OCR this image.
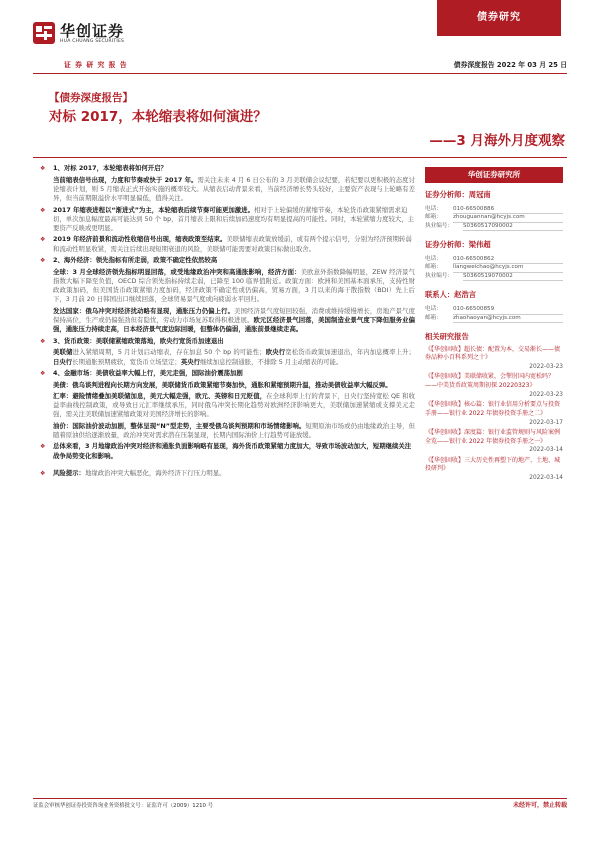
华创证券
HUA CHUANG SECURITIES
债券研究
证 券 研 究 报 告	债券深度报告 2022 年 03 月 25 日
【债券深度报告】
对标 2017，本轮缩表将如何演进？
——3 月海外月度观察
❖	1、对标 2017，本轮缩表将如何开启？
当前缩表信号出现，力度和节奏或快于 2017 年。需关注未来 4 月 6 日公布的 3 月美联储会议纪要，若纪要以更积极的态度讨论缩表计划，则 5 月缩表正式开始实施的概率较大。从缩表启动背景来看，当前经济增长势头较好，主要资产表现与上轮略有差异，但当前期限溢价水平明显偏低，值得关注。
❖	2017 年缩表进程以“渐进式”为主，本轮缩表后续节奏可能更加激进。相对于上轮偏缓的紧缩节奏，本轮货币政策紧缩需求迫切，单次加息幅度最高可能达到 50 个 bp，首月缩表上限和后续加码速度均有明显提高的可能性。同时，本轮紧缩力度较大，主要资产反映或更明显。
❖	2019 年经济前景和流动性收缩信号出现，缩表政策至结束。美联储缩表政策放缓前，或有两个提示信号，分别为经济预期转弱和流动性明显收紧，需关注后续出现短期衰退的风险，美联储可能需要对政策目标做出取舍。
❖	2、海外经济：领先指标有所走弱，政策不确定性依然较高
全球：3 月全球经济领先指标明显回落，或受地缘政治冲突和高通胀影响，经济方面：美欧意外指数降幅明显，ZEW 经济景气指数大幅下降至负值，OECD 综合领先指标持续走弱，已降至 100 临界值附近。政策方面：欧洲和美国基本面承压，支持性财政政策加码，但美国货币政策紧缩力度加码，经济政策不确定性或仍偏高，贸易方面，3 月以来的海干散指数（BDI）先上后下，3 月前 20 日韩国出口继续回落，全球贸易景气度或向疲弱水平回归。
发达国家：俄乌冲突对经济扰动略有显现，通胀压力仍偏上行。美国经济景气度短回较强，消费或维持缓慢增长，房地产景气度保持高位，生产或仍偏强劲但有隐忧，劳动力市场复苏取得积极进展。欧元区经济景气回落，美国制造业景气度下降但服务业偏强，通胀压力持续走高，日本经济景气度边际回暖，但整体仍偏弱，通胀前景继续走高。
❖	3、货币政策：美联储紧缩政策落地，欧央行宽货币加速退出
美联储进入紧缩周期，5 月计划启动缩表，存在加息 50 个 bp 的可能性；欧央行宽松货币政策加速退出，年内加息概率上升；日央行长期通胀预期疲软，宽货币立场坚定；英央行继续加息控制通胀，不排除 5 月主动缩表的可能。
❖	4、金融市场：美债收益率大幅上行，美元走强，国际油价震荡加剧
美债：俄乌谈判进程向长期方向发展，美联储货币政策紧缩节奏加快，通胀和紧缩预期升温，推动美债收益率大幅反弹。
汇率：避险情绪叠加美联储加息，美元大幅走强，欧元、英镑和日元贬值，在全球利率上行的背景下，日央行坚持宽松 QE 和收益率曲线控制政策，或导致日元汇率继续承压，同时俄乌冲突长期化趋势对欧洲经济影响更大，美联储加速紧缩或支撑美元走强，需关注美联储加速紧缩政策对美国经济增长的影响。
油价：国际油价波动加剧，整体呈现“N”型走势，主要受俄乌谈判预期和市场情绪影响。短期原油市场或仍由地缘政治主导，但随着原油供给逐渐放量，政治冲突对需求潜在压制显现，长期内国际油价上行趋势可能放缓。
❖	总体来看，3 月地缘政治冲突对经济和通胀负面影响略有显现，海外货币政策紧缩力度加大，导致市场波动加大，短期继续关注战争局势变化和影响。
❖	风险提示：地缘政治冲突大幅恶化，海外经济下行压力明显。
华创证券研究所
证券分析师：周冠南
电话：	010-66500886
邮箱：	zhouguannan@hcyjs.com
执业编号：	S0360517090002
证券分析师：梁伟超
电话：	010-66500862
邮箱：	liangweichao@hcyjs.com
执业编号：	S0360519070002
联系人：赵浩言
电话：	010-66500859
邮箱：	zhaohaoyan@hcyjs.com
相关研究报告
《【华创固收】超长债：配置为本，交易渐长——债券品种小百科系列之十》
2022-03-23
《【华创固收】美联储收紧，会掣肘国内宽松吗？——中美货币政策周期初探 20220323》
2022-03-23
《【华创固收】核心篇：银行业信用分析要点与投资手册——银行业 2022 年债券投资手册之二》
2022-03-17
《【华创固收】深度篇：银行业监管规则与风险案例全览——银行业 2022 年债券投资手册之一》
2022-03-14
《【华创固收】三大历史性再塑下的地产、土地、城投研判》
2022-03-14
证监会审核华创证券投资咨询业务资格批文号：证监许可（2009）1210 号	未经许可，禁止转载
